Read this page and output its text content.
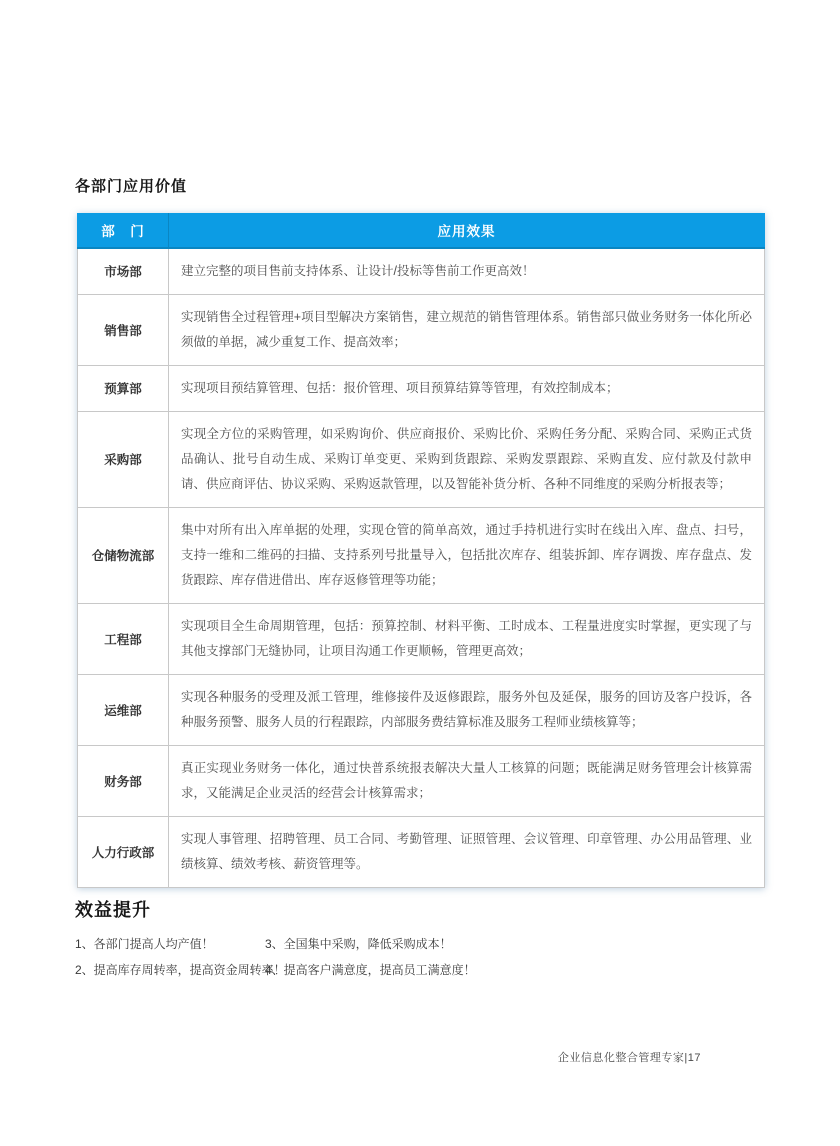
各部门应用价值
部　门	应用效果
市场部	建立完整的项目售前支持体系、让设计/投标等售前工作更高效！
销售部	实现销售全过程管理+项目型解决方案销售，建立规范的销售管理体系。销售部只做业务财务一体化所必须做的单据，减少重复工作、提高效率；
预算部	实现项目预结算管理、包括：报价管理、项目预算结算等管理，有效控制成本；
采购部	实现全方位的采购管理，如采购询价、供应商报价、采购比价、采购任务分配、采购合同、采购正式货品确认、批号自动生成、采购订单变更、采购到货跟踪、采购发票跟踪、采购直发、应付款及付款申请、供应商评估、协议采购、采购返款管理，以及智能补货分析、各种不同维度的采购分析报表等；
仓储物流部	集中对所有出入库单据的处理，实现仓管的简单高效，通过手持机进行实时在线出入库、盘点、扫号，支持一维和二维码的扫描、支持系列号批量导入，包括批次库存、组装拆卸、库存调拨、库存盘点、发货跟踪、库存借进借出、库存返修管理等功能；
工程部	实现项目全生命周期管理，包括：预算控制、材料平衡、工时成本、工程量进度实时掌握，更实现了与其他支撑部门无缝协同，让项目沟通工作更顺畅，管理更高效；
运维部	实现各种服务的受理及派工管理，维修接件及返修跟踪，服务外包及延保，服务的回访及客户投诉，各种服务预警、服务人员的行程跟踪，内部服务费结算标准及服务工程师业绩核算等；
财务部	真正实现业务财务一体化，通过快普系统报表解决大量人工核算的问题；既能满足财务管理会计核算需求，又能满足企业灵活的经营会计核算需求；
人力行政部	实现人事管理、招聘管理、员工合同、考勤管理、证照管理、会议管理、印章管理、办公用品管理、业绩核算、绩效考核、薪资管理等。
效益提升
1、各部门提高人均产值！
2、提高库存周转率，提高资金周转率！
3、全国集中采购，降低采购成本！
4、提高客户满意度，提高员工满意度！
企业信息化整合管理专家|17
